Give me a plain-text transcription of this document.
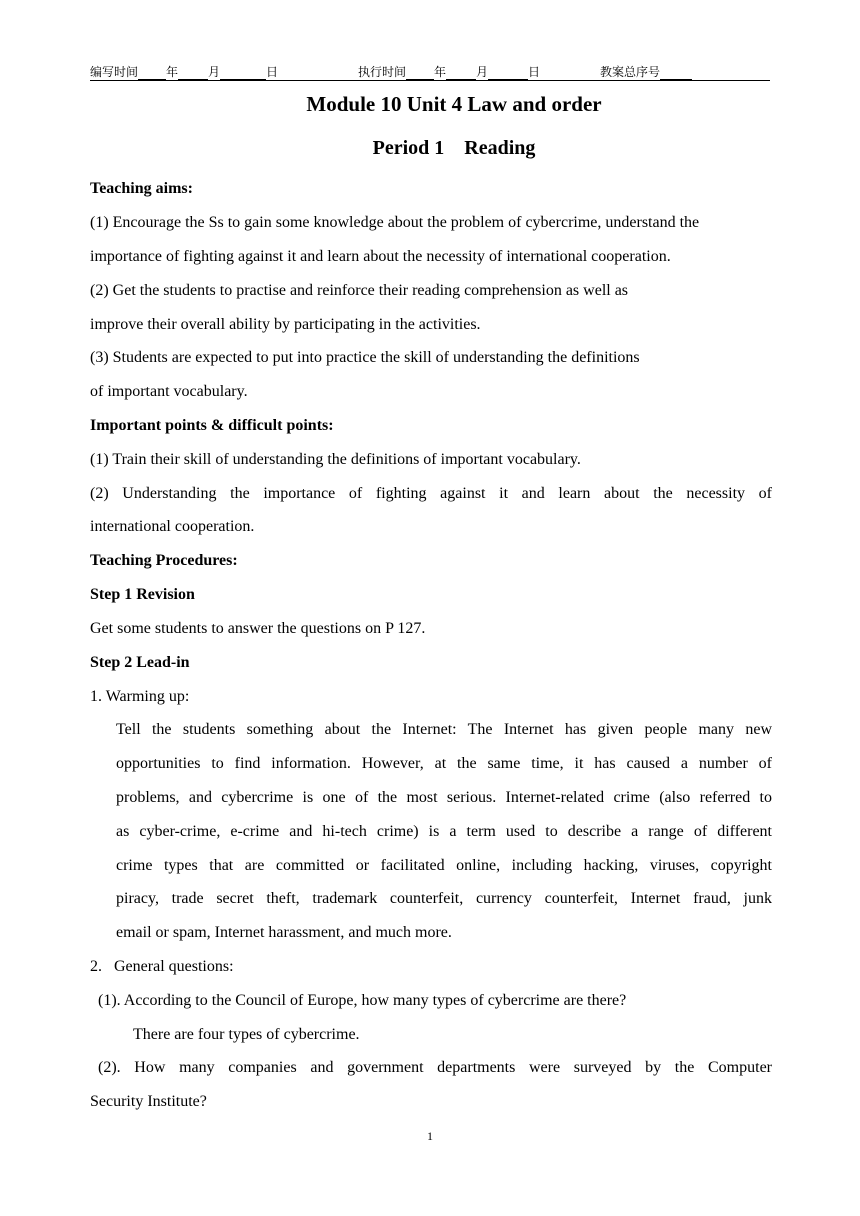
编写时间 年	月	日	执行时间 年	月	日	教案总序号
Module 10 Unit 4 Law and order
Period 1    Reading
Teaching aims:
(1) Encourage the Ss to gain some knowledge about the problem of cybercrime, understand the
importance of fighting against it and learn about the necessity of international cooperation.
(2) Get the students to practise and reinforce their reading comprehension as well as
improve their overall ability by participating in the activities.
(3) Students are expected to put into practice the skill of understanding the definitions
of important vocabulary.
Important points & difficult points:
(1) Train their skill of understanding the definitions of important vocabulary.
(2) Understanding the importance of fighting against it and learn about the necessity of
international cooperation.
Teaching Procedures:
Step 1 Revision
Get some students to answer the questions on P 127.
Step 2 Lead-in
1. Warming up:
Tell the students something about the Internet: The Internet has given people many new
opportunities to find information. However, at the same time, it has caused a number of
problems, and cybercrime is one of the most serious. Internet-related crime (also referred to
as cyber-crime, e-crime and hi-tech crime) is a term used to describe a range of different
crime types that are committed or facilitated online, including hacking, viruses, copyright
piracy, trade secret theft, trademark counterfeit, currency counterfeit, Internet fraud, junk
email or spam, Internet harassment, and much more.
2.   General questions:
(1). According to the Council of Europe, how many types of cybercrime are there?
There are four types of cybercrime.
(2). How many companies and government departments were surveyed by the Computer
Security Institute?
1
